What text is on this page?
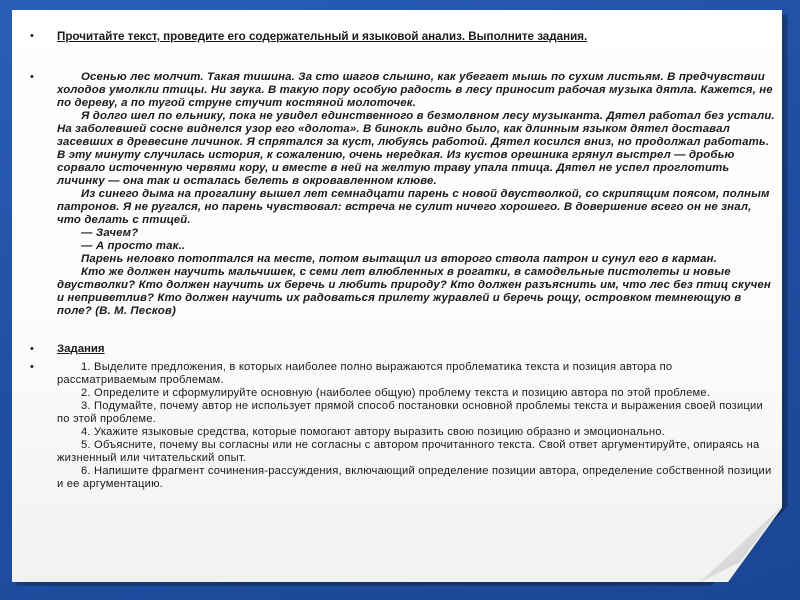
• Прочитайте текст, проведите его содержательный и языковой анализ. Выполните задания.
•	Осенью лес молчит. Такая тишина. За сто шагов слышно, как убегает мышь по сухим листьям. В предчувствии холодов умолкли птицы. Ни звука. В такую пору особую радость в лесу приносит рабочая музыка дятла. Кажется, не по дереву, а по тугой струне стучит костяной молоточек.

Я долго шел по ельнику, пока не увидел единственного в безмолвном лесу музыканта. Дятел работал без устали. На заболевшей сосне виднелся узор его «долота». В бинокль видно было, как длинным языком дятел доставал засевших в древесине личинок. Я спрятался за куст, любуясь работой. Дятел косился вниз, но продолжал работать. В эту минуту случилась история, к сожалению, очень нередкая. Из кустов орешника грянул выстрел — дробью сорвало источенную червями кору, и вместе в ней на желтую траву упала птица. Дятел не успел проглотить личинку — она так и осталась белеть в окровавленном клюве.

Из синего дыма на прогалину вышел лет семнадцати парень с новой двустволкой, со скрипящим поясом, полным патронов. Я не ругался, но парень чувствовал: встреча не сулит ничего хорошего. В довершение всего он не знал, что делать с птицей.

— Зачем?

— А просто так..

Парень неловко потоптался на месте, потом вытащил из второго ствола патрон и сунул его в карман.

Кто же должен научить мальчишек, с семи лет влюбленных в рогатки, в самодельные пистолеты и новые двустволки? Кто должен научить их беречь и любить природу? Кто должен разъяснить им, что лес без птиц скучен и неприветлив? Кто должен научить их радоваться прилету журавлей и беречь рощу, островком темнеющую в поле? (В. М. Песков)

• Задания
•	1. Выделите предложения, в которых наиболее полно выражаются проблематика текста и позиция автора по рассматриваемым проблемам.

2. Определите и сформулируйте основную (наиболее общую) проблему текста и позицию автора по этой проблеме.

3. Подумайте, почему автор не использует прямой способ постановки основной проблемы текста и выражения своей позиции по этой проблеме.

4. Укажите языковые средства, которые помогают автору выразить свою позицию образно и эмоционально.

5. Объясните, почему вы согласны или не согласны с автором прочитанного текста. Свой ответ аргументируйте, опираясь на жизненный или читательский опыт.

6. Напишите фрагмент сочинения-рассуждения, включающий определение позиции автора, определение собственной позиции и ее аргументацию.
